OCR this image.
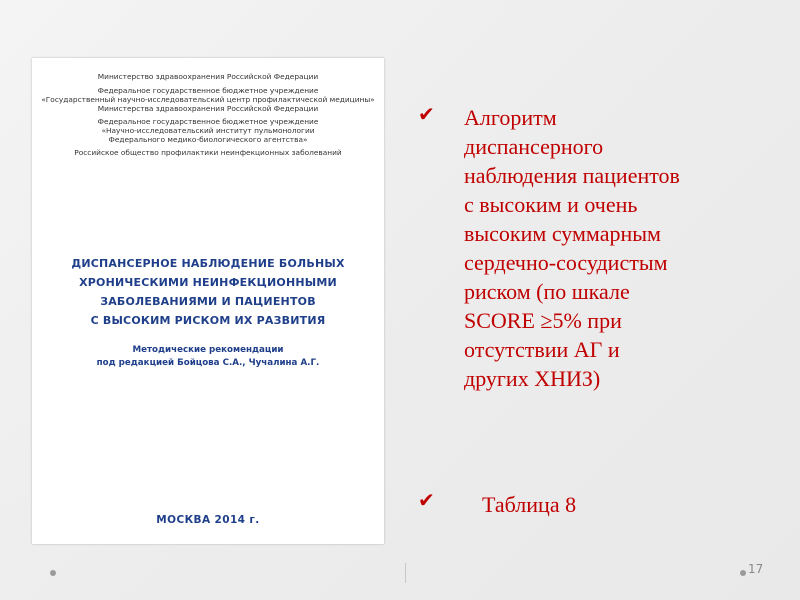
Министерство здравоохранения Российской Федерации
Федеральное государственное бюджетное учреждение
«Государственный научно-исследовательский центр профилактической медицины»
Министерства здравоохранения Российской Федерации
Федеральное государственное бюджетное учреждение
«Научно-исследовательский институт пульмонологии
Федерального медико-биологического агентства»
Российское общество профилактики неинфекционных заболеваний
ДИСПАНСЕРНОЕ НАБЛЮДЕНИЕ БОЛЬНЫХ
ХРОНИЧЕСКИМИ НЕИНФЕКЦИОННЫМИ
ЗАБОЛЕВАНИЯМИ И ПАЦИЕНТОВ
С ВЫСОКИМ РИСКОМ ИХ РАЗВИТИЯ
Методические рекомендации
под редакцией Бойцова С.А., Чучалина А.Г.
МОСКВА 2014 г.
✔ Алгоритм
диспансерного
наблюдения пациентов
с высоким и очень
высоким суммарным
сердечно-сосудистым
риском (по шкале
SCORE ≥5% при
отсутствии АГ и
других ХНИЗ)
✔ Таблица 8
17
